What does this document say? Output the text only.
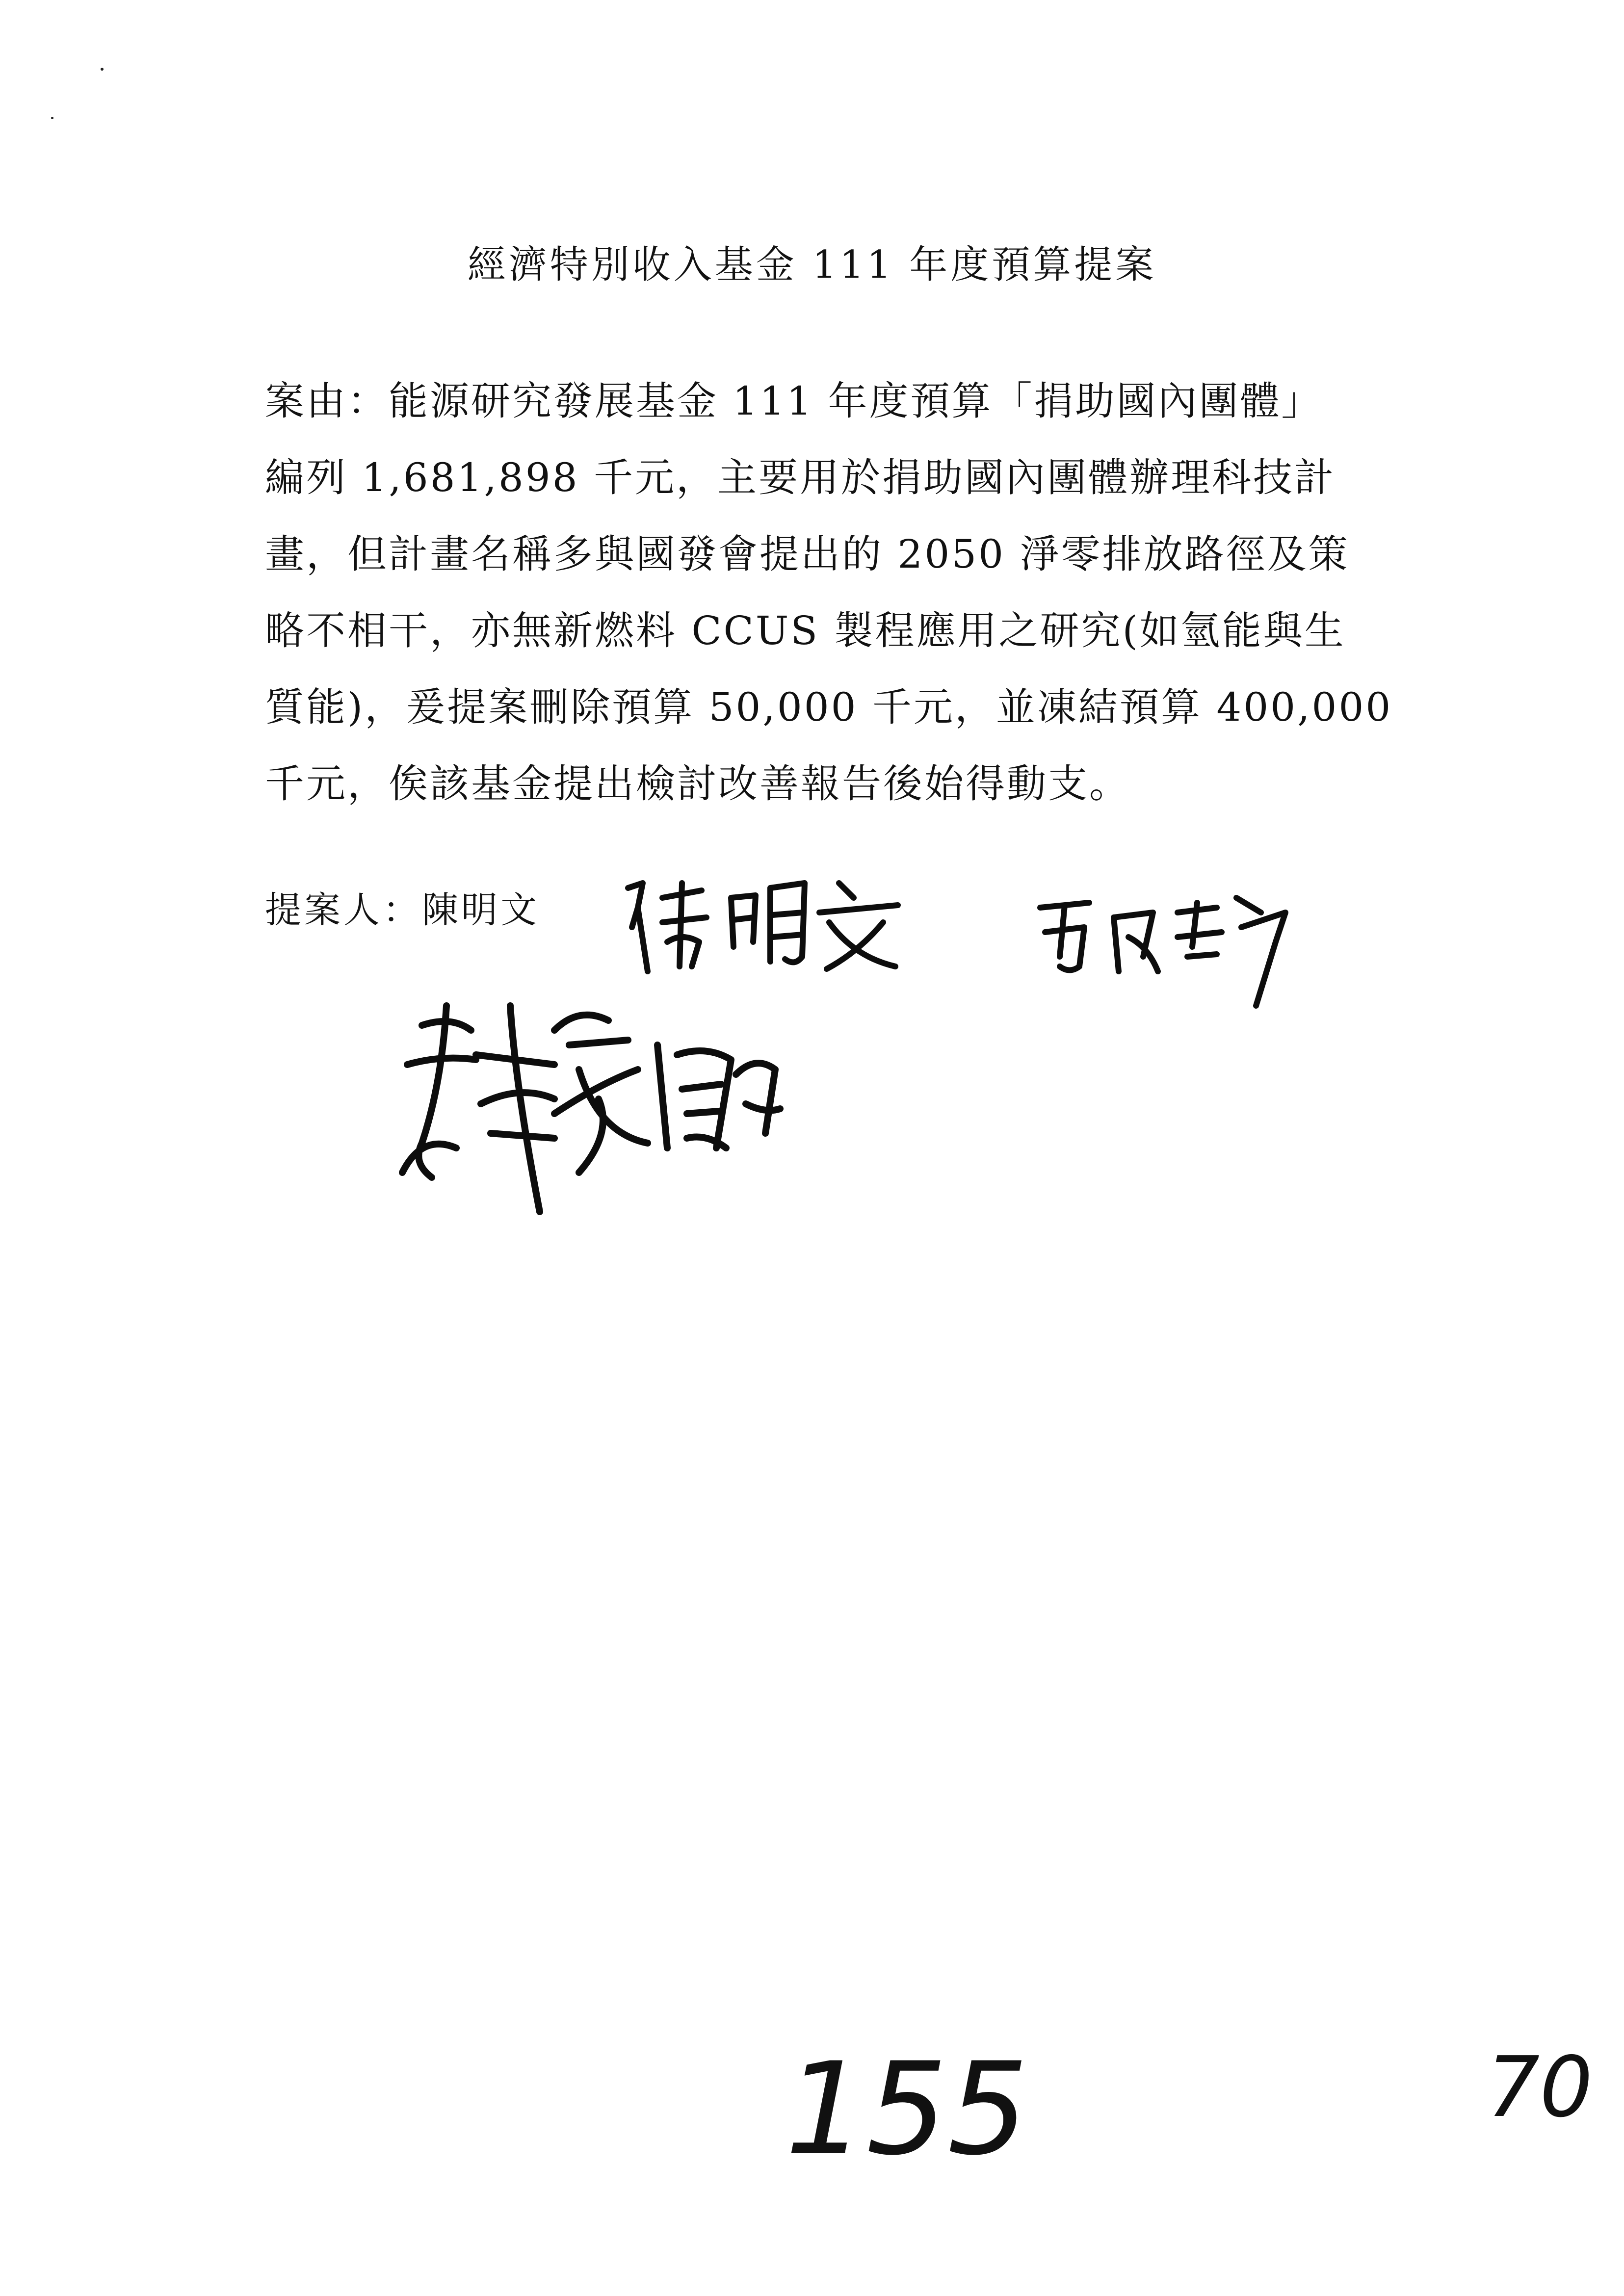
經濟特別收入基金 111 年度預算提案
案由：能源研究發展基金 111 年度預算「捐助國內團體」
編列 1,681,898 千元，主要用於捐助國內團體辦理科技計
畫，但計畫名稱多與國發會提出的 2050 淨零排放路徑及策
略不相干，亦無新燃料 CCUS 製程應用之研究(如氫能與生
質能)，爰提案刪除預算 50,000 千元，並凍結預算 400,000
千元，俟該基金提出檢討改善報告後始得動支。
提案人：陳明文
155	70
